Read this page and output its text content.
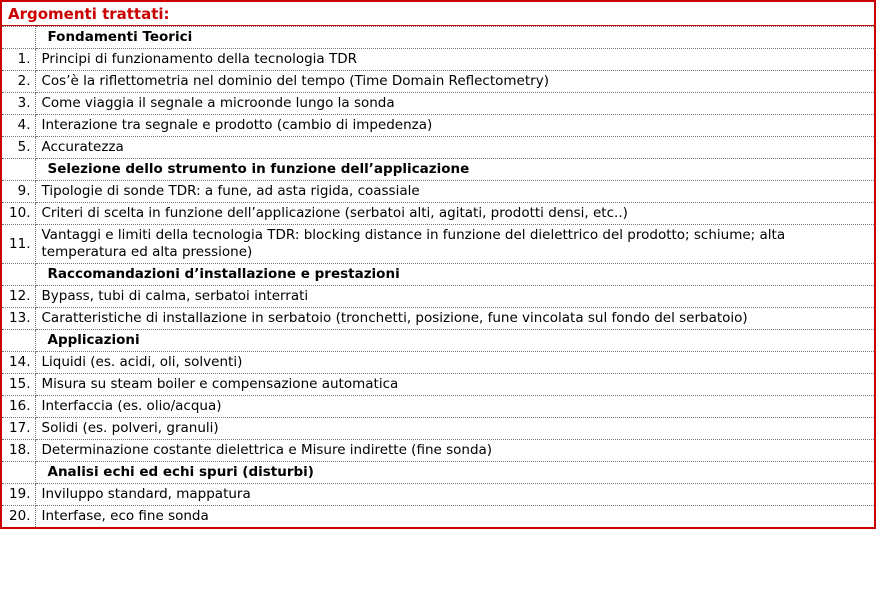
Argomenti trattati:
	Fondamenti Teorici
1.	Principi di funzionamento della tecnologia TDR
2.	Cos’è la riflettometria nel dominio del tempo (Time Domain Reflectometry)
3.	Come viaggia il segnale a microonde lungo la sonda
4.	Interazione tra segnale e prodotto (cambio di impedenza)
5.	Accuratezza
	Selezione dello strumento in funzione dell’applicazione
9.	Tipologie di sonde TDR: a fune, ad asta rigida, coassiale
10.	Criteri di scelta in funzione dell’applicazione (serbatoi alti, agitati, prodotti densi, etc..)
11.	Vantaggi e limiti della tecnologia TDR: blocking distance in funzione del dielettrico del prodotto; schiume; alta temperatura ed alta pressione)
	Raccomandazioni d’installazione e prestazioni
12.	Bypass, tubi di calma, serbatoi interrati
13.	Caratteristiche di installazione in serbatoio (tronchetti, posizione, fune vincolata sul fondo del serbatoio)
	Applicazioni
14.	Liquidi (es. acidi, oli, solventi)
15.	Misura su steam boiler e compensazione automatica
16.	Interfaccia (es. olio/acqua)
17.	Solidi (es. polveri, granuli)
18.	Determinazione costante dielettrica e Misure indirette (fine sonda)
	Analisi echi ed echi spuri (disturbi)
19.	Inviluppo standard, mappatura
20.	Interfase, eco fine sonda
